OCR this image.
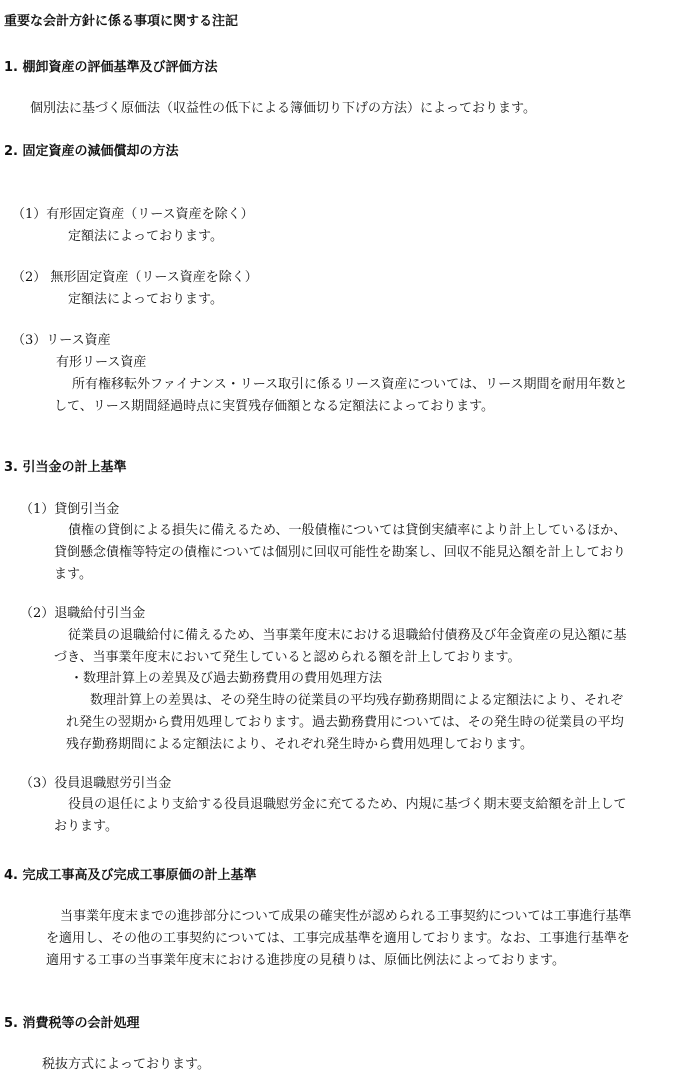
重要な会計方針に係る事項に関する注記
1. 棚卸資産の評価基準及び評価方法
個別法に基づく原価法（収益性の低下による簿価切り下げの方法）によっております。
2. 固定資産の減価償却の方法
（1）有形固定資産（リース資産を除く）
定額法によっております。
（2） 無形固定資産（リース資産を除く）
定額法によっております。
（3）リース資産
有形リース資産
所有権移転外ファイナンス・リース取引に係るリース資産については、リース期間を耐用年数として、リース期間経過時点に実質残存価額となる定額法によっております。
3. 引当金の計上基準
（1）貸倒引当金
債権の貸倒による損失に備えるため、一般債権については貸倒実績率により計上しているほか、貸倒懸念債権等特定の債権については個別に回収可能性を勘案し、回収不能見込額を計上しております。
（2）退職給付引当金
従業員の退職給付に備えるため、当事業年度末における退職給付債務及び年金資産の見込額に基づき、当事業年度末において発生していると認められる額を計上しております。
・数理計算上の差異及び過去勤務費用の費用処理方法
数理計算上の差異は、その発生時の従業員の平均残存勤務期間による定額法により、それぞれ発生の翌期から費用処理しております。過去勤務費用については、その発生時の従業員の平均残存勤務期間による定額法により、それぞれ発生時から費用処理しております。
（3）役員退職慰労引当金
役員の退任により支給する役員退職慰労金に充てるため、内規に基づく期末要支給額を計上しております。
4. 完成工事高及び完成工事原価の計上基準
当事業年度末までの進捗部分について成果の確実性が認められる工事契約については工事進行基準を適用し、その他の工事契約については、工事完成基準を適用しております。なお、工事進行基準を適用する工事の当事業年度末における進捗度の見積りは、原価比例法によっております。
5. 消費税等の会計処理
税抜方式によっております。
